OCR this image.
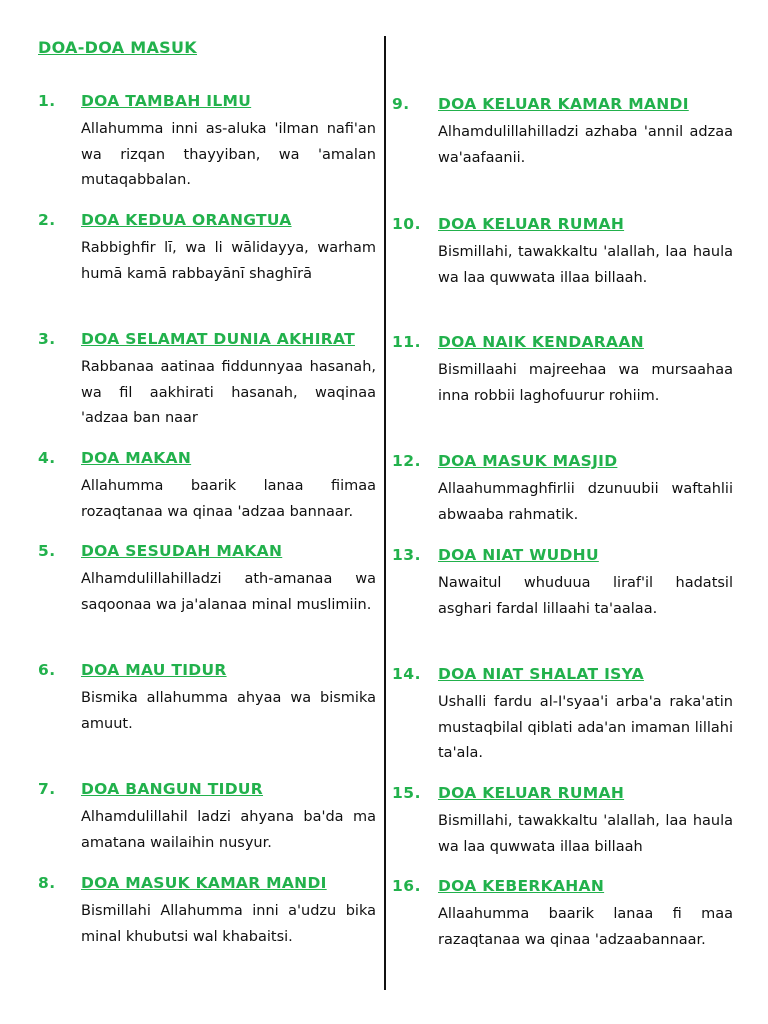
DOA-DOA MASUK
1. DOA TAMBAH ILMU
Allahumma inni as-aluka 'ilman nafi'an wa rizqan thayyiban, wa 'amalan mutaqabbalan.
2. DOA KEDUA ORANGTUA
Rabbighfir lī, wa li wālidayya, warham humā kamā rabbayānī shaghīrā
3. DOA SELAMAT DUNIA AKHIRAT
Rabbanaa aatinaa fiddunnyaa hasanah, wa fil aakhirati hasanah, waqinaa 'adzaa ban naar
4. DOA MAKAN
Allahumma baarik lanaa fiimaa rozaqtanaa wa qinaa 'adzaa bannaar.
5. DOA SESUDAH MAKAN
Alhamdulillahilladzi ath-amanaa wa saqoonaa wa ja'alanaa minal muslimiin.
6. DOA MAU TIDUR
Bismika allahumma ahyaa wa bismika amuut.
7. DOA BANGUN TIDUR
Alhamdulillahil ladzi ahyana ba'da ma amatana wailaihin nusyur.
8. DOA MASUK KAMAR MANDI
Bismillahi Allahumma inni a'udzu bika minal khubutsi wal khabaitsi.
9. DOA KELUAR KAMAR MANDI
Alhamdulillahilladzi azhaba 'annil adzaa wa'aafaanii.
10. DOA KELUAR RUMAH
Bismillahi, tawakkaltu 'alallah, laa haula wa laa quwwata illaa billaah.
11. DOA NAIK KENDARAAN
Bismillaahi majreehaa wa mursaahaa inna robbii laghofuurur rohiim.
12. DOA MASUK MASJID
Allaahummaghfirlii dzunuubii waftahlii abwaaba rahmatik.
13. DOA NIAT WUDHU
Nawaitul whuduua liraf'il hadatsil asghari fardal lillaahi ta'aalaa.
14. DOA NIAT SHALAT ISYA
Ushalli fardu al-I'syaa'i arba'a raka'atin mustaqbilal qiblati ada'an imaman lillahi ta'ala.
15. DOA KELUAR RUMAH
Bismillahi, tawakkaltu 'alallah, laa haula wa laa quwwata illaa billaah
16. DOA KEBERKAHAN
Allaahumma baarik lanaa fi maa razaqtanaa wa qinaa 'adzaabannaar.
